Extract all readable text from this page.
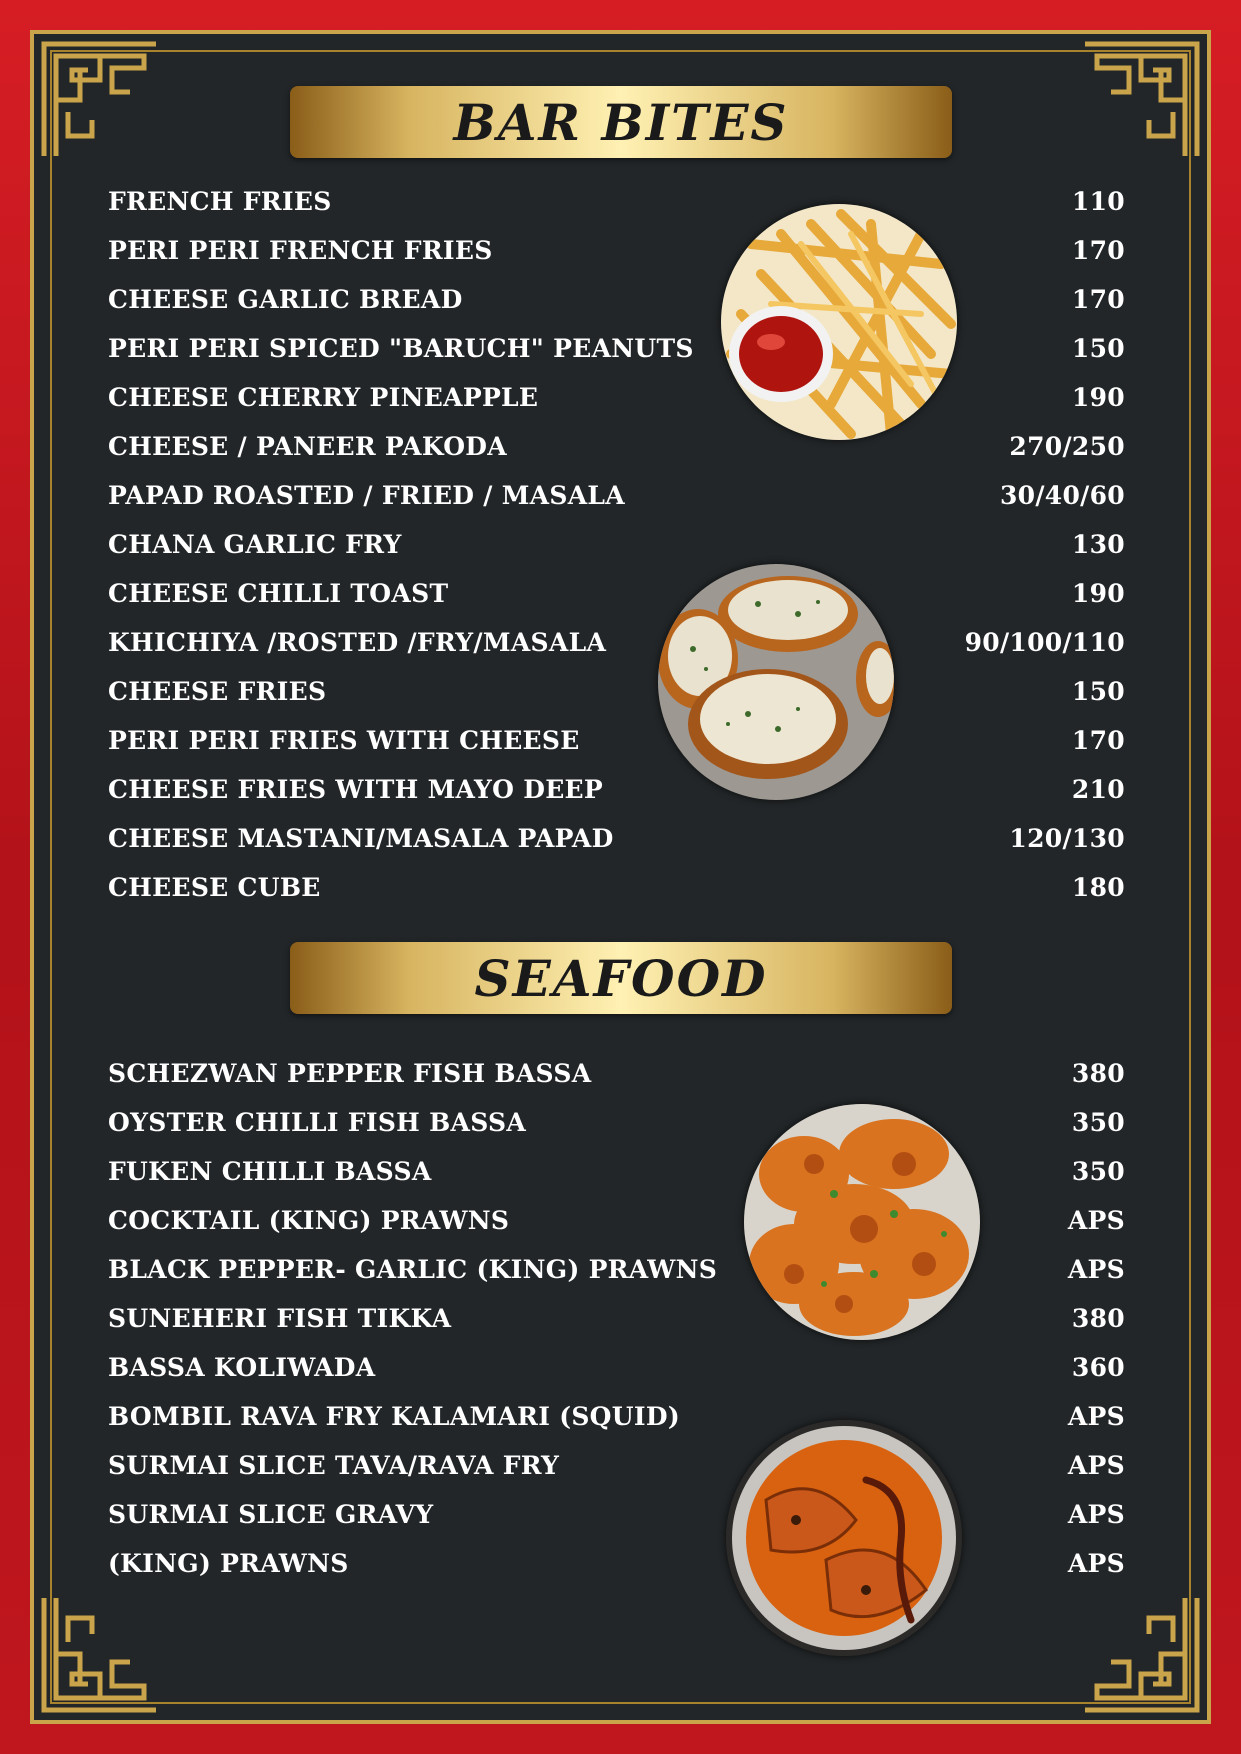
BAR BITES
FRENCH FRIES	110
PERI PERI FRENCH FRIES	170
CHEESE GARLIC BREAD	170
PERI PERI SPICED "BARUCH" PEANUTS	150
CHEESE CHERRY PINEAPPLE	190
CHEESE / PANEER PAKODA	270/250
PAPAD ROASTED / FRIED / MASALA	30/40/60
CHANA GARLIC FRY	130
CHEESE CHILLI TOAST	190
KHICHIYA /ROSTED /FRY/MASALA	90/100/110
CHEESE FRIES	150
PERI PERI FRIES WITH CHEESE	170
CHEESE FRIES WITH MAYO DEEP	210
CHEESE MASTANI/MASALA PAPAD	120/130
CHEESE CUBE	180
SEAFOOD
SCHEZWAN PEPPER FISH BASSA	380
OYSTER CHILLI FISH BASSA	350
FUKEN CHILLI BASSA	350
COCKTAIL (KING) PRAWNS	APS
BLACK PEPPER- GARLIC (KING) PRAWNS	APS
SUNEHERI FISH TIKKA	380
BASSA KOLIWADA	360
BOMBIL RAVA FRY KALAMARI (SQUID)	APS
SURMAI SLICE TAVA/RAVA FRY	APS
SURMAI SLICE GRAVY	APS
(KING) PRAWNS	APS
